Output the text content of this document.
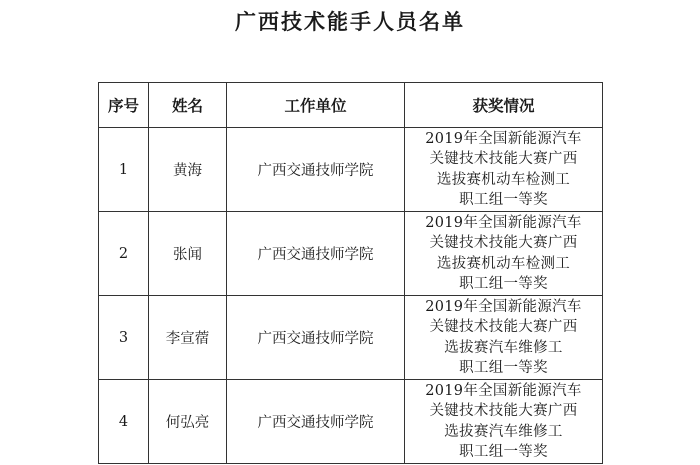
广西技术能手人员名单
序号	姓名	工作单位	获奖情况
1	黄海	广西交通技师学院	2019年全国新能源汽车
关键技术技能大赛广西
选拔赛机动车检测工
职工组一等奖

2	张闻	广西交通技师学院	2019年全国新能源汽车
关键技术技能大赛广西
选拔赛机动车检测工
职工组一等奖

3	李宣蓿	广西交通技师学院	2019年全国新能源汽车
关键技术技能大赛广西
选拔赛汽车维修工
职工组一等奖

4	何弘亮	广西交通技师学院	2019年全国新能源汽车
关键技术技能大赛广西
选拔赛汽车维修工
职工组一等奖
